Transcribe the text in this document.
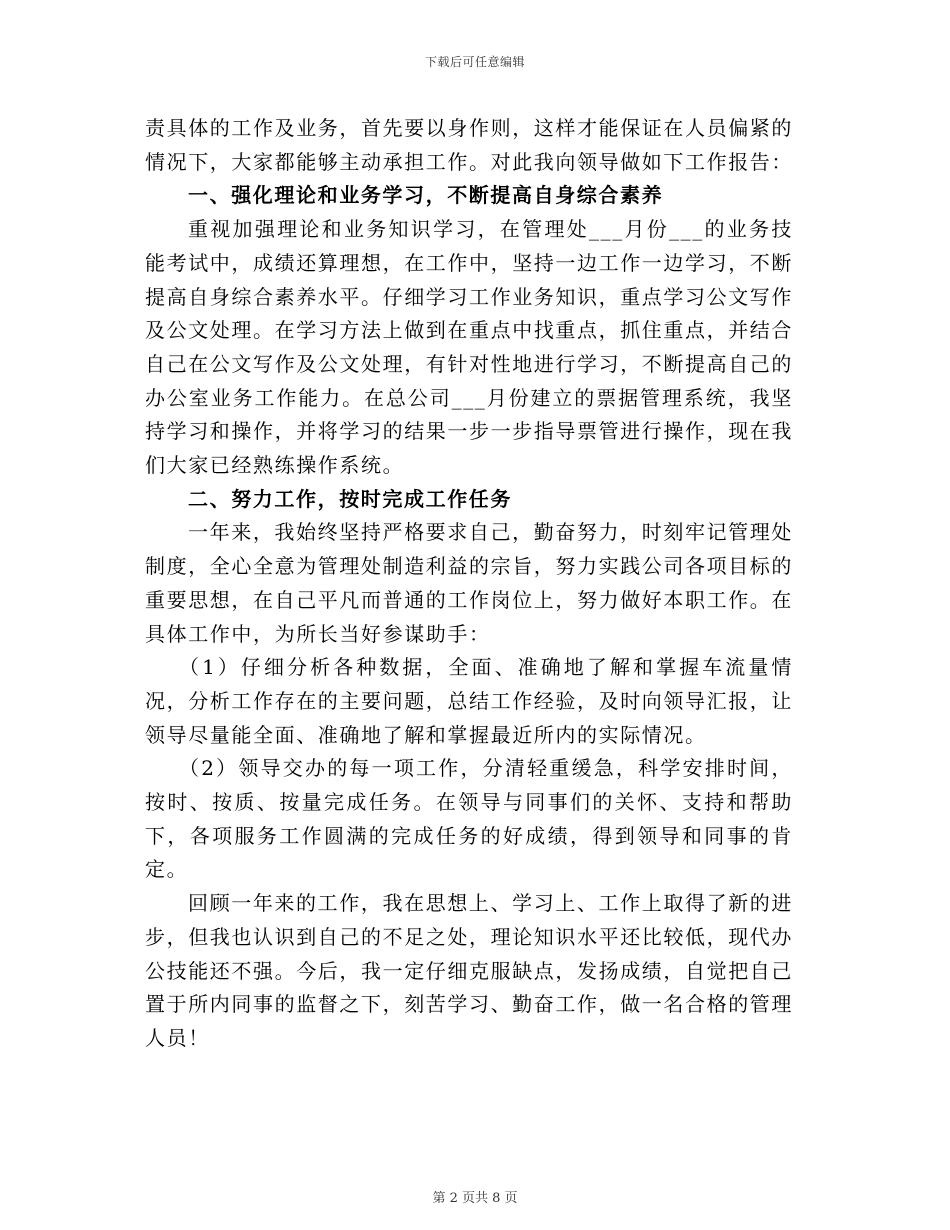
下载后可任意编辑

责具体的工作及业务，首先要以身作则，这样才能保证在人员偏紧的情况下，大家都能够主动承担工作。对此我向领导做如下工作报告：

一、强化理论和业务学习，不断提高自身综合素养

重视加强理论和业务知识学习，在管理处___月份___的业务技能考试中，成绩还算理想，在工作中，坚持一边工作一边学习，不断提高自身综合素养水平。仔细学习工作业务知识，重点学习公文写作及公文处理。在学习方法上做到在重点中找重点，抓住重点，并结合自己在公文写作及公文处理，有针对性地进行学习，不断提高自己的办公室业务工作能力。在总公司___月份建立的票据管理系统，我坚持学习和操作，并将学习的结果一步一步指导票管进行操作，现在我们大家已经熟练操作系统。

二、努力工作，按时完成工作任务

一年来，我始终坚持严格要求自己，勤奋努力，时刻牢记管理处制度，全心全意为管理处制造利益的宗旨，努力实践公司各项目标的重要思想，在自己平凡而普通的工作岗位上，努力做好本职工作。在具体工作中，为所长当好参谋助手：

（1）仔细分析各种数据，全面、准确地了解和掌握车流量情况，分析工作存在的主要问题，总结工作经验，及时向领导汇报，让领导尽量能全面、准确地了解和掌握最近所内的实际情况。

（2）领导交办的每一项工作，分清轻重缓急，科学安排时间，按时、按质、按量完成任务。在领导与同事们的关怀、支持和帮助下，各项服务工作圆满的完成任务的好成绩，得到领导和同事的肯定。

回顾一年来的工作，我在思想上、学习上、工作上取得了新的进步，但我也认识到自己的不足之处，理论知识水平还比较低，现代办公技能还不强。今后，我一定仔细克服缺点，发扬成绩，自觉把自己置于所内同事的监督之下，刻苦学习、勤奋工作，做一名合格的管理人员！

第 2 页共 8 页
